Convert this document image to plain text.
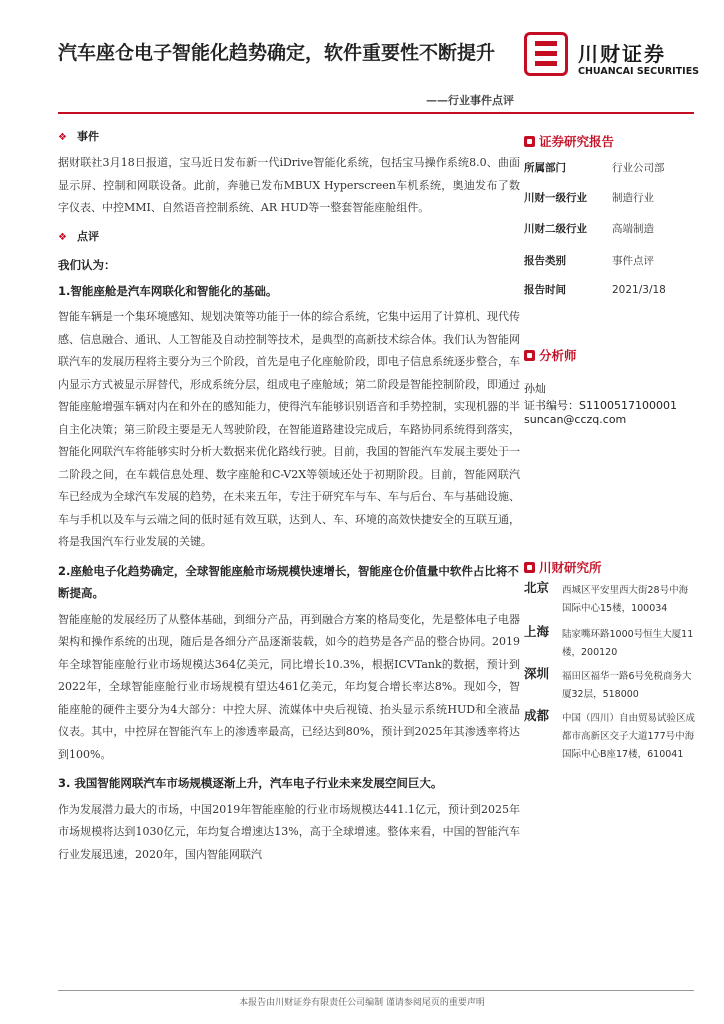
汽车座仓电子智能化趋势确定，软件重要性不断提升
——行业事件点评
川财证券
CHUANCAI SECURITIES
❖ 事件
据财联社3月18日报道，宝马近日发布新一代iDrive智能化系统，包括宝马操作系统8.0、曲面显示屏、控制和网联设备。此前，奔驰已发布MBUX Hyperscreen车机系统，奥迪发布了数字仪表、中控MMI、自然语音控制系统、AR HUD等一整套智能座舱组件。
❖ 点评
我们认为：
1.智能座舱是汽车网联化和智能化的基础。
智能车辆是一个集环境感知、规划决策等功能于一体的综合系统，它集中运用了计算机、现代传感、信息融合、通讯、人工智能及自动控制等技术，是典型的高新技术综合体。我们认为智能网联汽车的发展历程将主要分为三个阶段，首先是电子化座舱阶段，即电子信息系统逐步整合，车内显示方式被显示屏替代，形成系统分层，组成电子座舱域；第二阶段是智能控制阶段，即通过智能座舱增强车辆对内在和外在的感知能力，使得汽车能够识别语音和手势控制，实现机器的半自主化决策；第三阶段主要是无人驾驶阶段，在智能道路建设完成后，车路协同系统得到落实，智能化网联汽车将能够实时分析大数据来优化路线行驶。目前，我国的智能汽车发展主要处于一二阶段之间，在车载信息处理、数字座舱和C-V2X等领域还处于初期阶段。目前，智能网联汽车已经成为全球汽车发展的趋势，在未来五年，专注于研究车与车、车与后台、车与基础设施、车与手机以及车与云端之间的低时延有效互联，达到人、车、环境的高效快捷安全的互联互通，将是我国汽车行业发展的关键。
2.座舱电子化趋势确定，全球智能座舱市场规模快速增长，智能座仓价值量中软件占比将不断提高。
智能座舱的发展经历了从整体基础，到细分产品，再到融合方案的格局变化，先是整体电子电器架构和操作系统的出现，随后是各细分产品逐渐装载，如今的趋势是各产品的整合协同。2019年全球智能座舱行业市场规模达364亿美元，同比增长10.3%，根据ICVTank的数据，预计到2022年，全球智能座舱行业市场规模有望达461亿美元，年均复合增长率达8%。现如今，智能座舱的硬件主要分为4大部分：中控大屏、流媒体中央后视镜、抬头显示系统HUD和全液晶仪表。其中，中控屏在智能汽车上的渗透率最高，已经达到80%，预计到2025年其渗透率将达到100%。
3. 我国智能网联汽车市场规模逐渐上升，汽车电子行业未来发展空间巨大。
作为发展潜力最大的市场，中国2019年智能座舱的行业市场规模达441.1亿元，预计到2025年市场规模将达到1030亿元，年均复合增速达13%，高于全球增速。整体来看，中国的智能汽车行业发展迅速，2020年，国内智能网联汽
证券研究报告
所属部门	行业公司部
川财一级行业 制造行业
川财二级行业 高端制造
报告类别	事件点评
报告时间	2021/3/18
分析师
孙灿
证书编号：S1100517100001
suncan@cczq.com
川财研究所
北京 西城区平安里西大街28号中海国际中心15楼，100034
上海 陆家嘴环路1000号恒生大厦11楼，200120
深圳 福田区福华一路6号免税商务大厦32层，518000
成都 中国（四川）自由贸易试验区成都市高新区交子大道177号中海国际中心B座17楼，610041
本报告由川财证券有限责任公司编制 谨请参阅尾页的重要声明
